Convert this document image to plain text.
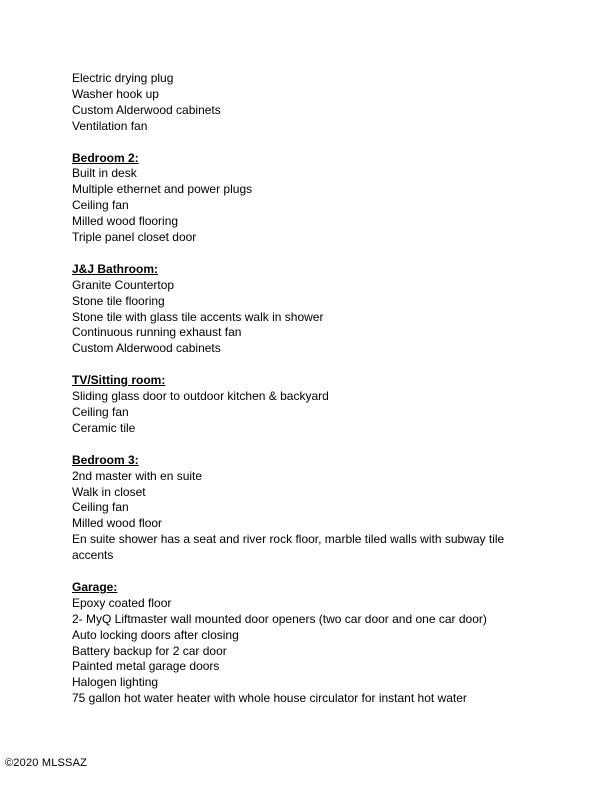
Electric drying plug
Washer hook up
Custom Alderwood cabinets
Ventilation fan
Bedroom 2:
Built in desk
Multiple ethernet and power plugs
Ceiling fan
Milled wood flooring
Triple panel closet door
J&J Bathroom:
Granite Countertop
Stone tile flooring
Stone tile with glass tile accents walk in shower
Continuous running exhaust fan
Custom Alderwood cabinets
TV/Sitting room:
Sliding glass door to outdoor kitchen & backyard
Ceiling fan
Ceramic tile
Bedroom 3:
2nd master with en suite
Walk in closet
Ceiling fan
Milled wood floor
En suite shower has a seat and river rock floor, marble tiled walls with subway tile accents
Garage:
Epoxy coated floor
2- MyQ Liftmaster wall mounted door openers (two car door and one car door)
Auto locking doors after closing
Battery backup for 2 car door
Painted metal garage doors
Halogen lighting
75 gallon hot water heater with whole house circulator for instant hot water
©2020 MLSSAZ
